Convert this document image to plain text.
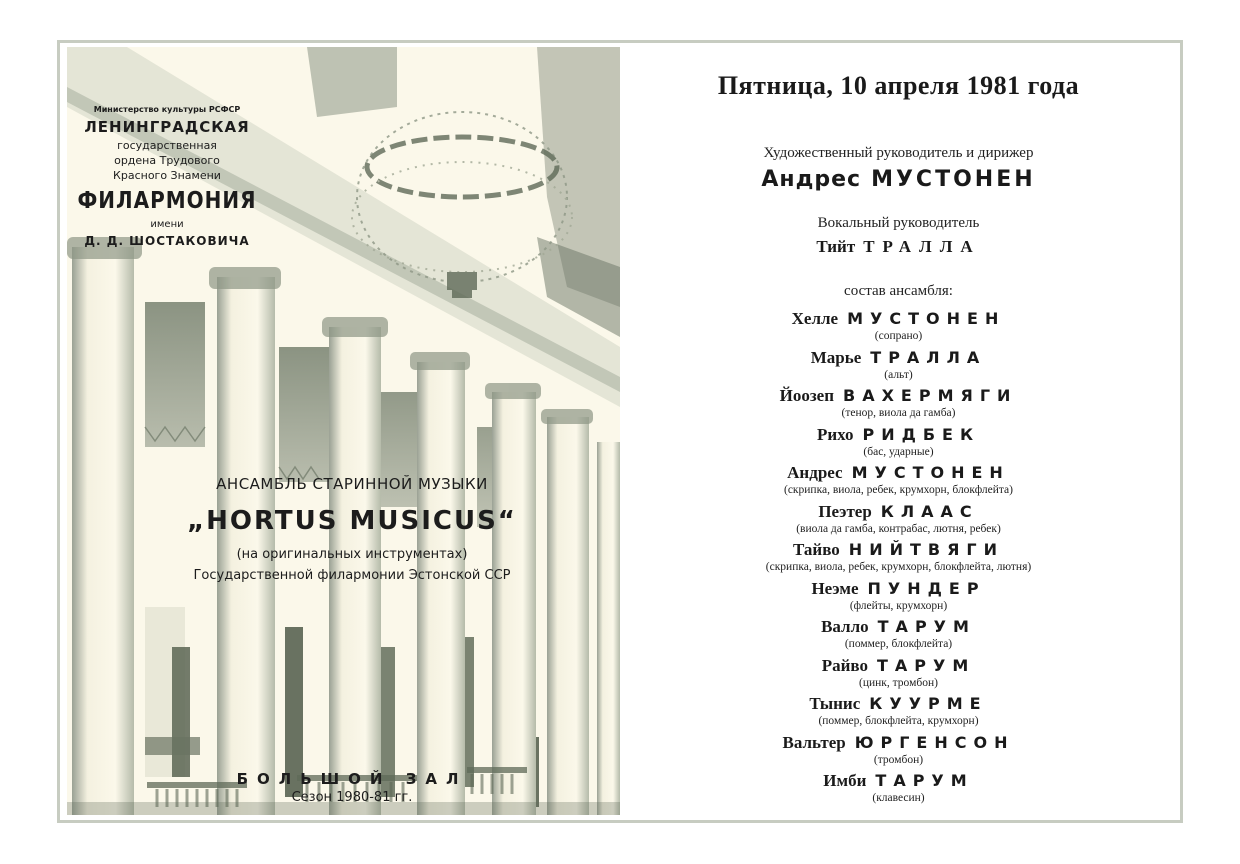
Министерство культуры РСФСР
ЛЕНИНГРАДСКАЯ
государственная
ордена Трудового
Красного Знамени
ФИЛАРМОНИЯ
имени
Д. Д. ШОСТАКОВИЧА
АНСАМБЛЬ СТАРИННОЙ МУЗЫКИ
„HORTUS MUSICUS“
(на оригинальных инструментах)
Государственной филармонии Эстонской ССР
БОЛЬШОЙ ЗАЛ
Сезон 1980-81 гг.
Пятница, 10 апреля 1981 года
Художественный руководитель и дирижер
Андрес МУСТОНЕН
Вокальный руководитель
Тийт ТРАЛЛА
состав ансамбля:
Хелле МУСТОНЕН
(сопрано)
Марье ТРАЛЛА
(альт)
Йоозеп ВАХЕРМЯГИ
(тенор, виола да гамба)
Рихо РИДБЕК
(бас, ударные)
Андрес МУСТОНЕН
(скрипка, виола, ребек, крумхорн, блокфлейта)
Пеэтер КЛААС
(виола да гамба, контрабас, лютня, ребек)
Тайво НИЙТВЯГИ
(скрипка, виола, ребек, крумхорн, блокфлейта, лютня)
Неэме ПУНДЕР
(флейты, крумхорн)
Валло ТАРУМ
(поммер, блокфлейта)
Райво ТАРУМ
(цинк, тромбон)
Тынис КУУРМЕ
(поммер, блокфлейта, крумхорн)
Вальтер ЮРГЕНСОН
(тромбон)
Имби ТАРУМ
(клавесин)
